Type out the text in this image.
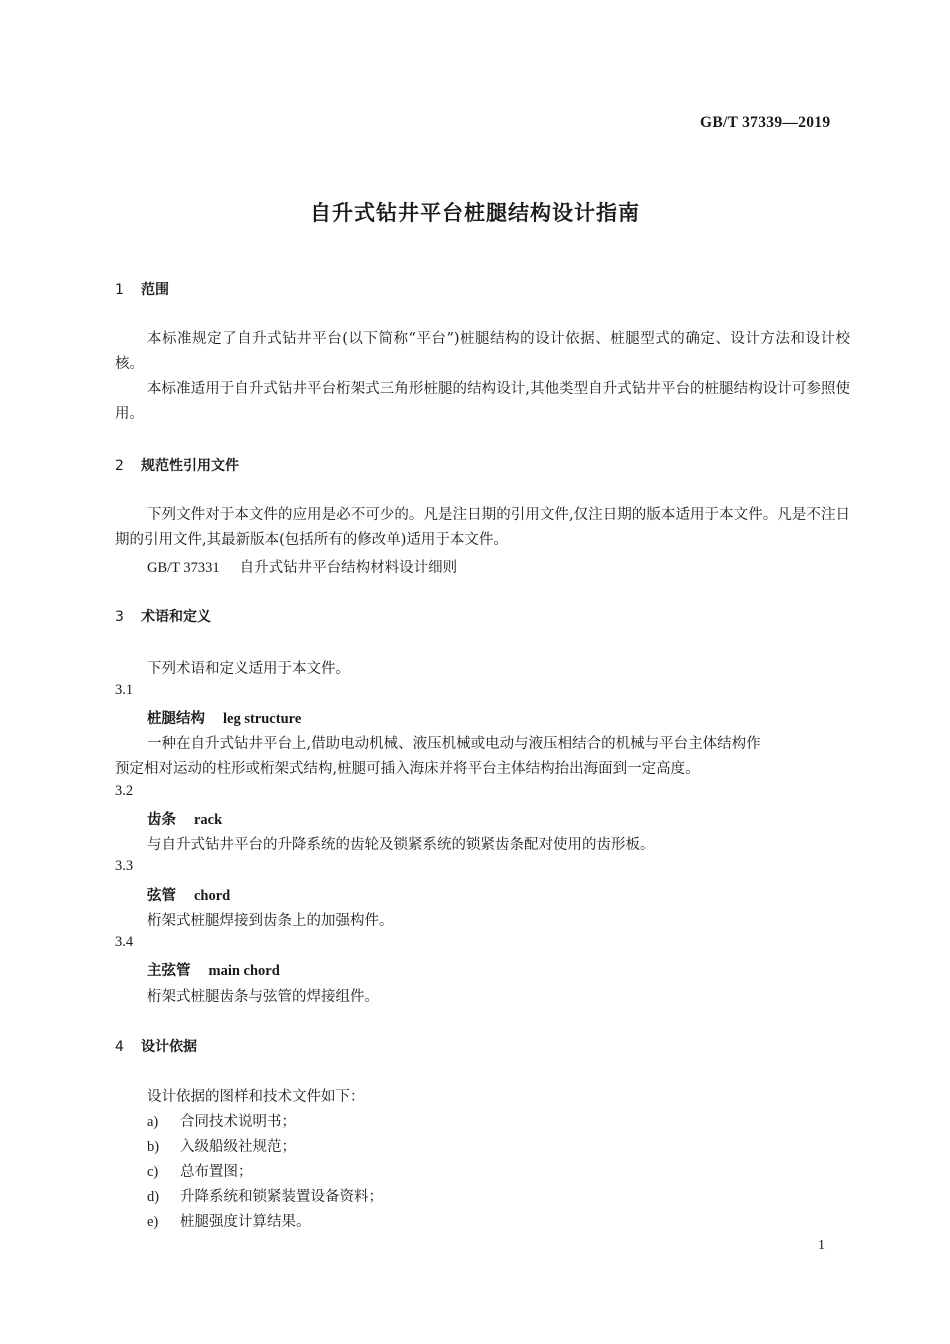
GB/T 37339—2019
自升式钻井平台桩腿结构设计指南
1 范围
本标准规定了自升式钻井平台(以下简称“平台”)桩腿结构的设计依据、桩腿型式的确定、设计方法和设计校核。
本标准适用于自升式钻井平台桁架式三角形桩腿的结构设计,其他类型自升式钻井平台的桩腿结构设计可参照使用。
2 规范性引用文件
下列文件对于本文件的应用是必不可少的。凡是注日期的引用文件,仅注日期的版本适用于本文件。凡是不注日期的引用文件,其最新版本(包括所有的修改单)适用于本文件。
GB/T 37331 自升式钻井平台结构材料设计细则
3 术语和定义
下列术语和定义适用于本文件。
3.1
桩腿结构 leg structure
一种在自升式钻井平台上,借助电动机械、液压机械或电动与液压相结合的机械与平台主体结构作
预定相对运动的柱形或桁架式结构,桩腿可插入海床并将平台主体结构抬出海面到一定高度。
3.2
齿条 rack
与自升式钻井平台的升降系统的齿轮及锁紧系统的锁紧齿条配对使用的齿形板。
3.3
弦管 chord
桁架式桩腿焊接到齿条上的加强构件。
3.4
主弦管 main chord
桁架式桩腿齿条与弦管的焊接组件。
4 设计依据
设计依据的图样和技术文件如下：
a) 合同技术说明书；
b) 入级船级社规范；
c) 总布置图；
d) 升降系统和锁紧装置设备资料；
e) 桩腿强度计算结果。
1
